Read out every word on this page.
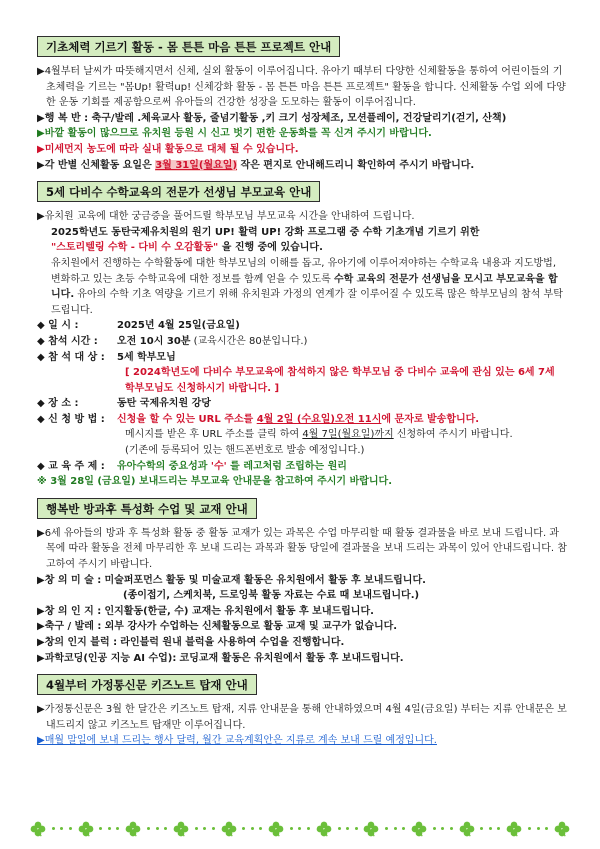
기초체력 기르기 활동 - 몸 튼튼 마음 튼튼 프로젝트 안내

▶4월부터 날씨가 따뜻해지면서 신체, 실외 활동이 이루어집니다. 유아기 때부터 다양한 신체활동을 통하여 어린이들의 기초체력을 기르는 "몸Up! 활력up! 신체강화 활동 - 몸 튼튼 마음 튼튼 프로젝트" 활동을 합니다. 신체활동 수업 외에 다양한 운동 기회를 제공함으로써 유아들의 건강한 성장을 도모하는 활동이 이루어집니다.

▶행 복 반 : 축구/발레 .체육교사 활동, 줄넘기활동 ,키 크기 성장체조, 모션플레이, 건강달리기(걷기, 산책)

▶바깥 활동이 많으므로 유치원 등원 시 신고 벗기 편한 운동화를 꼭 신겨 주시기 바랍니다.

▶미세먼지 농도에 따라 실내 활동으로 대체 될 수 있습니다.

▶각 반별 신체활동 요일은 3월 31일(월요일) 작은 편지로 안내해드리니 확인하여 주시기 바랍니다.

5세 다비수 수학교육의 전문가 선생님 부모교육 안내

▶유치원 교육에 대한 궁금증을 풀어드릴 학부모님 부모교육 시간을 안내하여 드립니다.

2025학년도 동탄국제유치원의 원기 UP! 활력 UP! 강화 프로그램 중 수학 기초개념 기르기 위한

"스토리텔링 수학 - 다비 수 오감활동" 을 진행 중에 있습니다.

유치원에서 진행하는 수학활동에 대한 학부모님의 이해를 돕고, 유아기에 이루어져야하는 수학교육 내용과 지도방법, 변화하고 있는 초등 수학교육에 대한 정보를 함께 얻을 수 있도록 수학 교육의 전문가 선생님을 모시고 부모교육을 합니다. 유아의 수학 기초 역량을 기르기 위해 유치원과 가정의 연계가 잘 이루어질 수 있도록 많은 학부모님의 참석 부탁드립니다.

◆ 일 시 :	2025년 4월 25일(금요일)
◆ 참석 시간 :	오전 10시 30분 (교육시간은 80분입니다.)
◆ 참 석 대 상 :	5세 학부모님
[ 2024학년도에 다비수 부모교육에 참석하지 않은 학부모님 중 다비수 교육에 관심 있는 6세 7세 학부모님도 신청하시기 바랍니다. ]
◆ 장 소 :	동탄 국제유치원 강당
◆ 신 청 방 법 :	신청을 할 수 있는 URL 주소를 4월 2일 (수요일)오전 11시에 문자로 발송합니다.
메시지를 받은 후 URL 주소를 클릭 하여 4월 7일(월요일)까지 신청하여 주시기 바랍니다.
(기존에 등록되어 있는 핸드폰번호로 발송 예정입니다.)
◆ 교 육 주 제 :	유아수학의 중요성과 '수' 를 레고처럼 조립하는 원리

※ 3월 28일 (금요일) 보내드리는 부모교육 안내문을 참고하여 주시기 바랍니다.

행복반 방과후 특성화 수업 및 교재 안내

▶6세 유아들의 방과 후 특성화 활동 중 활동 교재가 있는 과목은 수업 마무리할 때 활동 결과물을 바로 보내 드립니다. 과목에 따라 활동을 전체 마무리한 후 보내 드리는 과목과 활동 당일에 결과물을 보내 드리는 과목이 있어 안내드립니다. 참고하여 주시기 바랍니다.

▶창 의 미 술 : 미술퍼포먼스 활동 및 미술교재 활동은 유치원에서 활동 후 보내드립니다.
(종이접기, 스케치북, 드로잉북 활동 자료는 수료 때 보내드립니다.)
▶창 의 인 지 : 인지활동(한글, 수) 교재는 유치원에서 활동 후 보내드립니다.
▶축구 / 발레 : 외부 강사가 수업하는 신체활동으로 활동 교재 및 교구가 없습니다.
▶창의 인지 블럭 : 라인블럭 원내 블럭을 사용하여 수업을 진행합니다.
▶과학코딩(인공 지능 AI 수업): 코딩교재 활동은 유치원에서 활동 후 보내드립니다.
4월부터 가정통신문 키즈노트 탑재 안내

▶가정통신문은 3월 한 달간은 키즈노트 탑재, 지류 안내문을 통해 안내하였으며 4월 4일(금요일) 부터는 지류 안내문은 보내드리지 않고 키즈노트 탑재만 이루어집니다.

▶매월 말일에 보내 드리는 행사 달력, 월간 교육계획안은 지류로 계속 보내 드릴 예정입니다.
